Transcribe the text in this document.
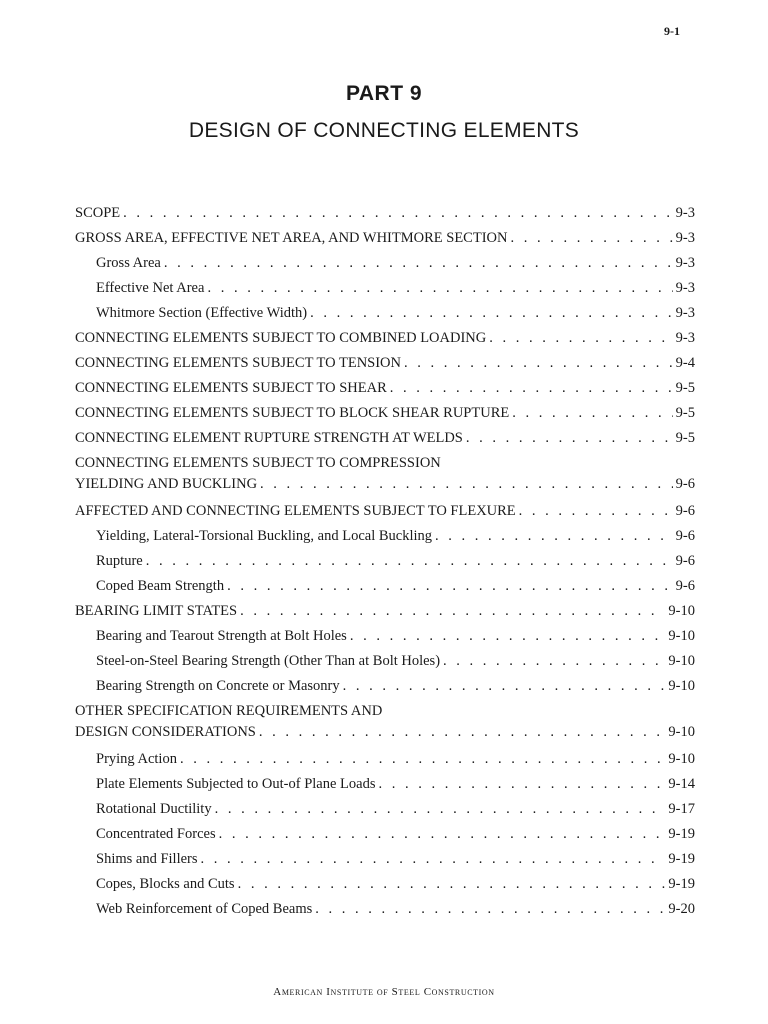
9-1
PART 9
DESIGN OF CONNECTING ELEMENTS
SCOPE . . .	9-3
GROSS AREA, EFFECTIVE NET AREA, AND WHITMORE SECTION . . .	9-3
Gross Area . . .	9-3
Effective Net Area . . .	9-3
Whitmore Section (Effective Width) . . .	9-3
CONNECTING ELEMENTS SUBJECT TO COMBINED LOADING . . .	9-3
CONNECTING ELEMENTS SUBJECT TO TENSION . . .	9-4
CONNECTING ELEMENTS SUBJECT TO SHEAR . . .	9-5
CONNECTING ELEMENTS SUBJECT TO BLOCK SHEAR RUPTURE . . .	9-5
CONNECTING ELEMENT RUPTURE STRENGTH AT WELDS . . .	9-5
CONNECTING ELEMENTS SUBJECT TO COMPRESSION
YIELDING AND BUCKLING . . .	9-6
AFFECTED AND CONNECTING ELEMENTS SUBJECT TO FLEXURE . . .	9-6
Yielding, Lateral-Torsional Buckling, and Local Buckling . . .	9-6
Rupture . . .	9-6
Coped Beam Strength . . .	9-6
BEARING LIMIT STATES . . .	9-10
Bearing and Tearout Strength at Bolt Holes . . .	9-10
Steel-on-Steel Bearing Strength (Other Than at Bolt Holes) . . .	9-10
Bearing Strength on Concrete or Masonry . . .	9-10
OTHER SPECIFICATION REQUIREMENTS AND
DESIGN CONSIDERATIONS . . .	9-10
Prying Action . . .	9-10
Plate Elements Subjected to Out-of Plane Loads . . .	9-14
Rotational Ductility . . .	9-17
Concentrated Forces . . .	9-19
Shims and Fillers . . .	9-19
Copes, Blocks and Cuts . . .	9-19
Web Reinforcement of Coped Beams . . .	9-20
American Institute of Steel Construction
